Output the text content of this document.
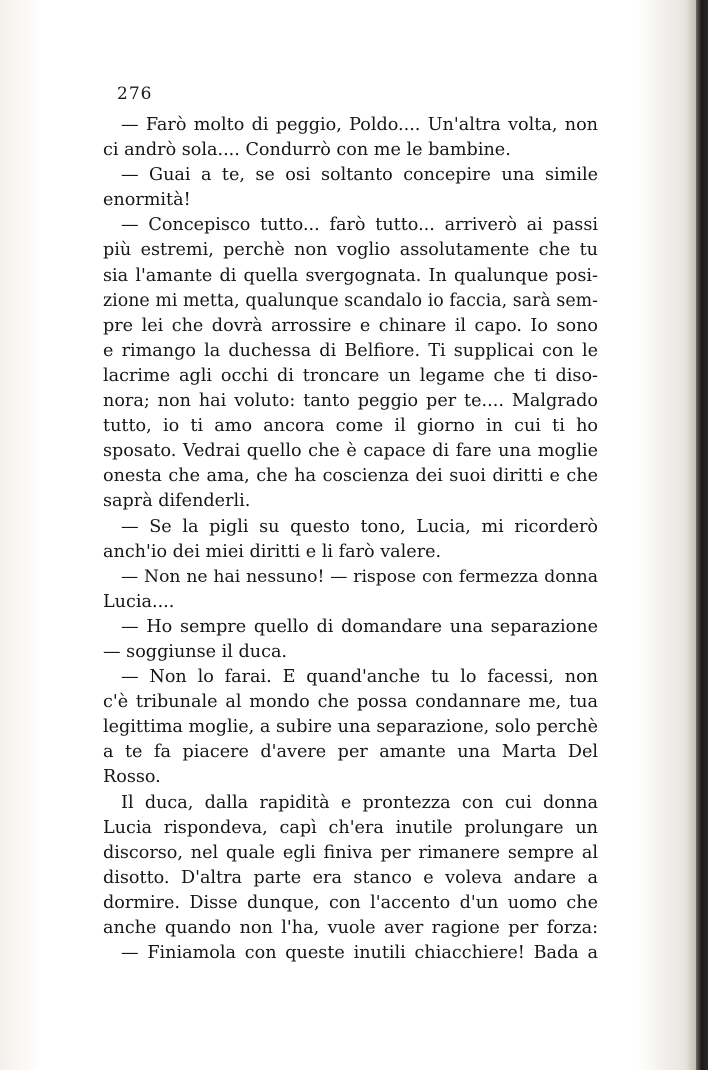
276
— Farò molto di peggio, Poldo.... Un'altra volta, non
ci andrò sola.... Condurrò con me le bambine.
— Guai a te, se osi soltanto concepire una simile
enormità!
— Concepisco tutto... farò tutto... arriverò ai passi
più estremi, perchè non voglio assolutamente che tu
sia l'amante di quella svergognata. In qualunque posi-
zione mi metta, qualunque scandalo io faccia, sarà sem-
pre lei che dovrà arrossire e chinare il capo. Io sono
e rimango la duchessa di Belfiore. Ti supplicai con le
lacrime agli occhi di troncare un legame che ti diso-
nora; non hai voluto: tanto peggio per te.... Malgrado
tutto, io ti amo ancora come il giorno in cui ti ho
sposato. Vedrai quello che è capace di fare una moglie
onesta che ama, che ha coscienza dei suoi diritti e che
saprà difenderli.
— Se la pigli su questo tono, Lucia, mi ricorderò
anch'io dei miei diritti e li farò valere.
— Non ne hai nessuno! — rispose con fermezza donna
Lucia....
— Ho sempre quello di domandare una separazione
— soggiunse il duca.
— Non lo farai. E quand'anche tu lo facessi, non
c'è tribunale al mondo che possa condannare me, tua
legittima moglie, a subire una separazione, solo perchè
a te fa piacere d'avere per amante una Marta Del
Rosso.
Il duca, dalla rapidità e prontezza con cui donna
Lucia rispondeva, capì ch'era inutile prolungare un
discorso, nel quale egli finiva per rimanere sempre al
disotto. D'altra parte era stanco e voleva andare a
dormire. Disse dunque, con l'accento d'un uomo che
anche quando non l'ha, vuole aver ragione per forza:
— Finiamola con queste inutili chiacchiere! Bada a
